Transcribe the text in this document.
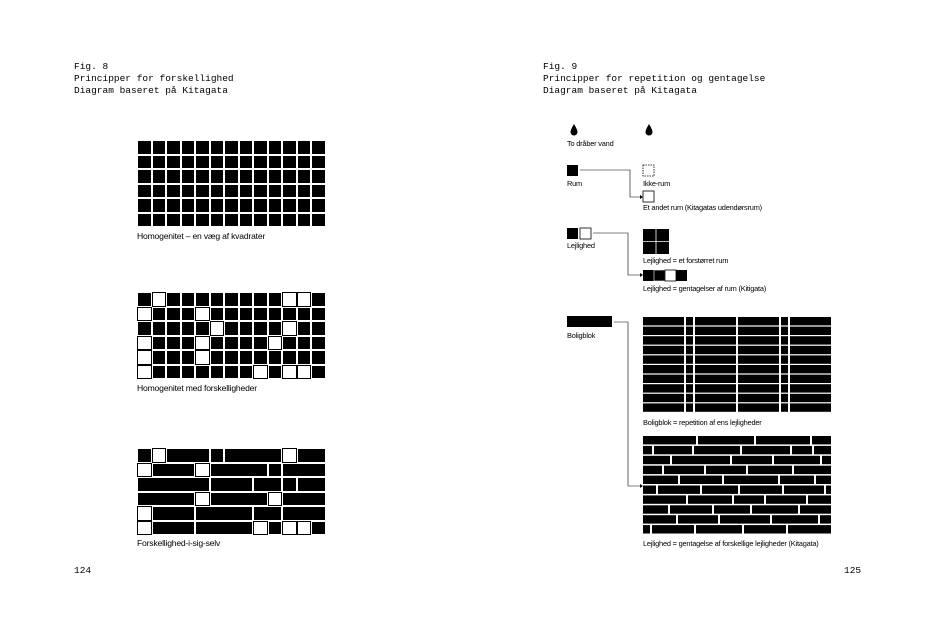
Fig. 8
Principper for forskellighed
Diagram baseret på Kitagata
Homogenitet – en væg af kvadrater
Homogenitet med forskelligheder
Forskellighed-i-sig-selv
124
Fig. 9
Principper for repetition og gentagelse
Diagram baseret på Kitagata
To dråber vand
Rum	Ikke-rum
Et andet rum (Kitagatas udendørsrum)
Lejlighed
Lejlighed = et forstørret rum
Lejlighed = gentagelser af rum (Kitigata)
Boligblok
Boligblok = repetition af ens lejligheder
Lejlighed = gentagelse af forskellige lejligheder (Kitagata)
125
